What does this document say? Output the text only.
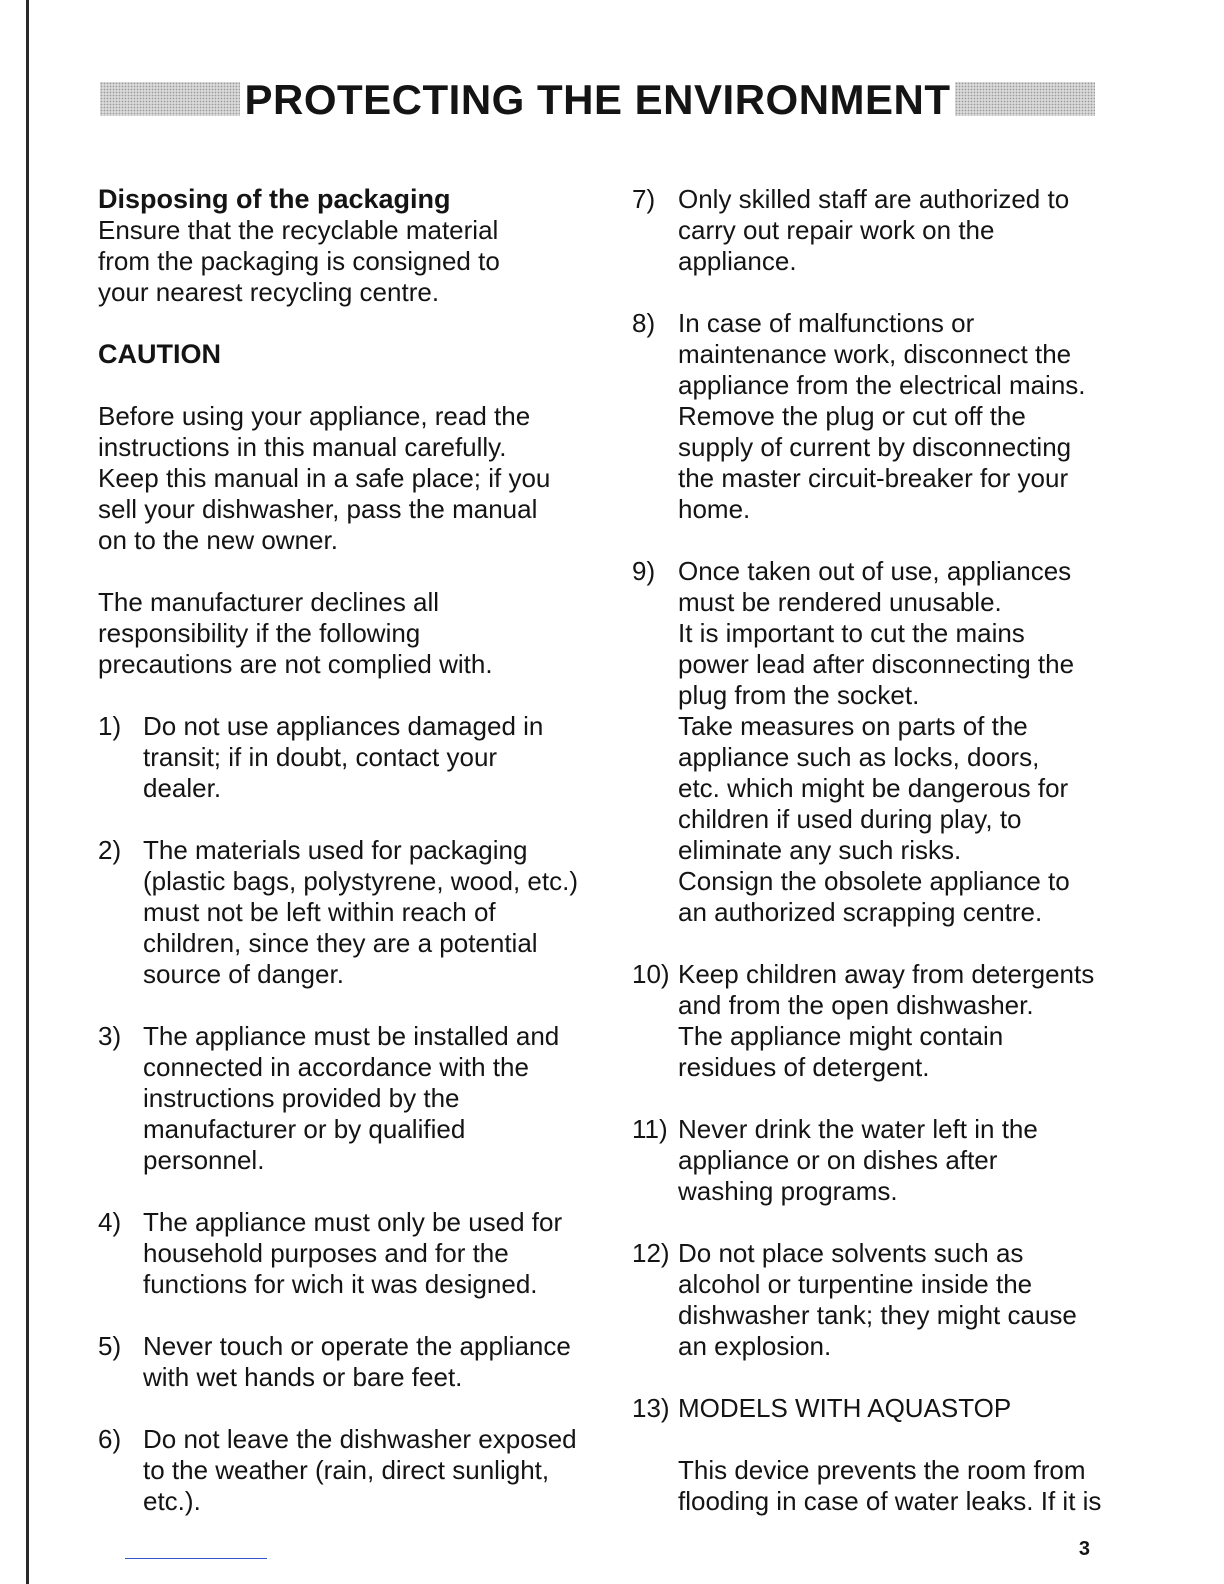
PROTECTING THE ENVIRONMENT
Disposing of the packaging
Ensure that the recyclable material
from the packaging is consigned to
your nearest recycling centre.
CAUTION
Before using your appliance, read the
instructions in this manual carefully.
Keep this manual in a safe place; if you
sell your dishwasher, pass the manual
on to the new owner.
The manufacturer declines all
responsibility if the following
precautions are not complied with.
1) Do not use appliances damaged in
transit; if in doubt, contact your dealer.
2) The materials used for packaging
(plastic bags, polystyrene, wood, etc.)
must not be left within reach of
children, since they are a potential
source of danger.
3) The appliance must be installed and
connected in accordance with the
instructions provided by the
manufacturer or by qualified
personnel.
4) The appliance must only be used for
household purposes and for the
functions for wich it was designed.
5) Never touch or operate the appliance
with wet hands or bare feet.
6) Do not leave the dishwasher exposed
to the weather (rain, direct sunlight,
etc.).
7) Only skilled staff are authorized to
carry out repair work on the appliance.
8) In case of malfunctions or
maintenance work, disconnect the
appliance from the electrical mains.
Remove the plug or cut off the
supply of current by disconnecting
the master circuit-breaker for your
home.
9) Once taken out of use, appliances
must be rendered unusable.
It is important to cut the mains
power lead after disconnecting the
plug from the socket.
Take measures on parts of the
appliance such as locks, doors,
etc. which might be dangerous for
children if used during play, to
eliminate any such risks.
Consign the obsolete appliance to
an authorized scrapping centre.
10) Keep children away from detergents
and from the open dishwasher.
The appliance might contain
residues of detergent.
11) Never drink the water left in the
appliance or on dishes after
washing programs.
12) Do not place solvents such as
alcohol or turpentine inside the
dishwasher tank; they might cause
an explosion.
13) MODELS WITH AQUASTOP
This device prevents the room from
flooding in case of water leaks. If it is
3
